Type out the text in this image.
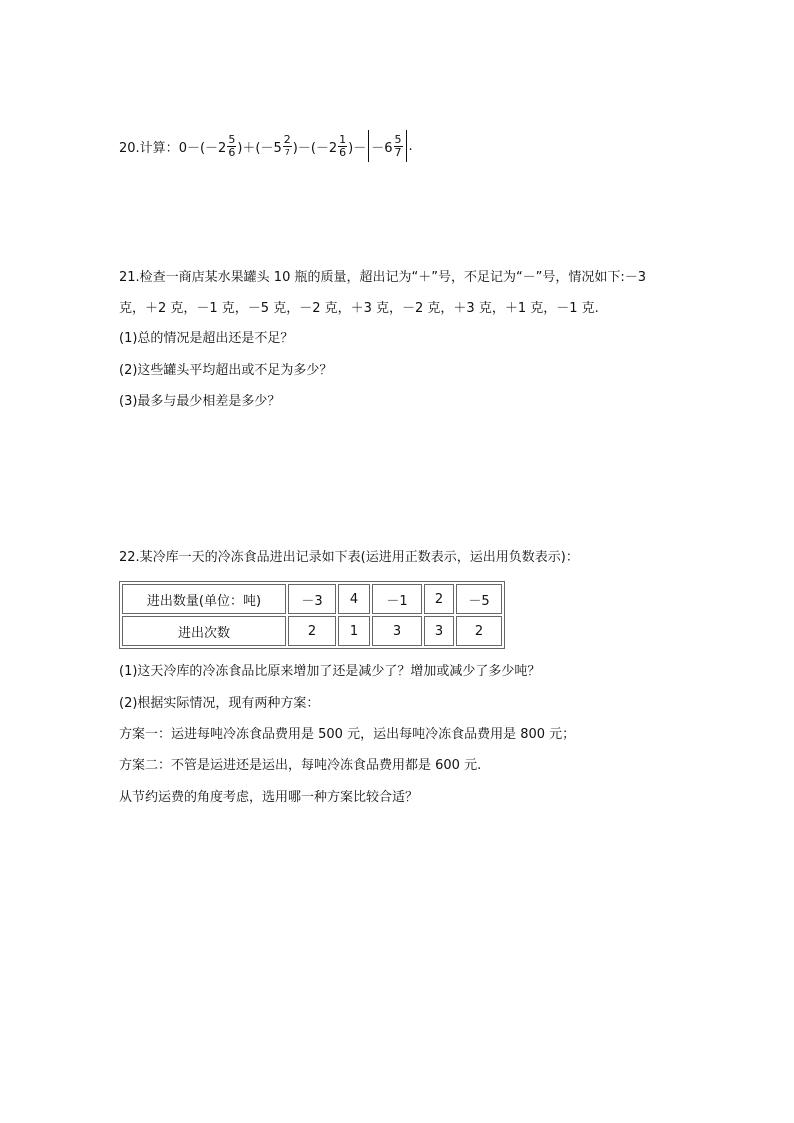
20.计算： $0- (-2 \frac{5}{6}$ )＋ ($-5 \frac{2}{7}$ )－ ($-2 \frac{1}{6}$ )－ $-6 \frac{5}{7}$ .
21.检查一商店某水果罐头 10 瓶的质量，超出记为“＋”号，不足记为“－”号，情况如下:－3
克，＋2 克，－1 克，－5 克，－2 克，＋3 克，－2 克，＋3 克，＋1 克，－1 克.
(1)总的情况是超出还是不足？
(2)这些罐头平均超出或不足为多少？
(3)最多与最少相差是多少？
22.某冷库一天的冷冻食品进出记录如下表(运进用正数表示，运出用负数表示)：
进出数量(单位：吨)	－3	4	－1	2	－5
进出次数	2	1	3	3	2
(1)这天冷库的冷冻食品比原来增加了还是减少了？增加或减少了多少吨？
(2)根据实际情况，现有两种方案：
方案一：运进每吨冷冻食品费用是 500 元，运出每吨冷冻食品费用是 800 元；
方案二：不管是运进还是运出，每吨冷冻食品费用都是 600 元.
从节约运费的角度考虑，选用哪一种方案比较合适？
